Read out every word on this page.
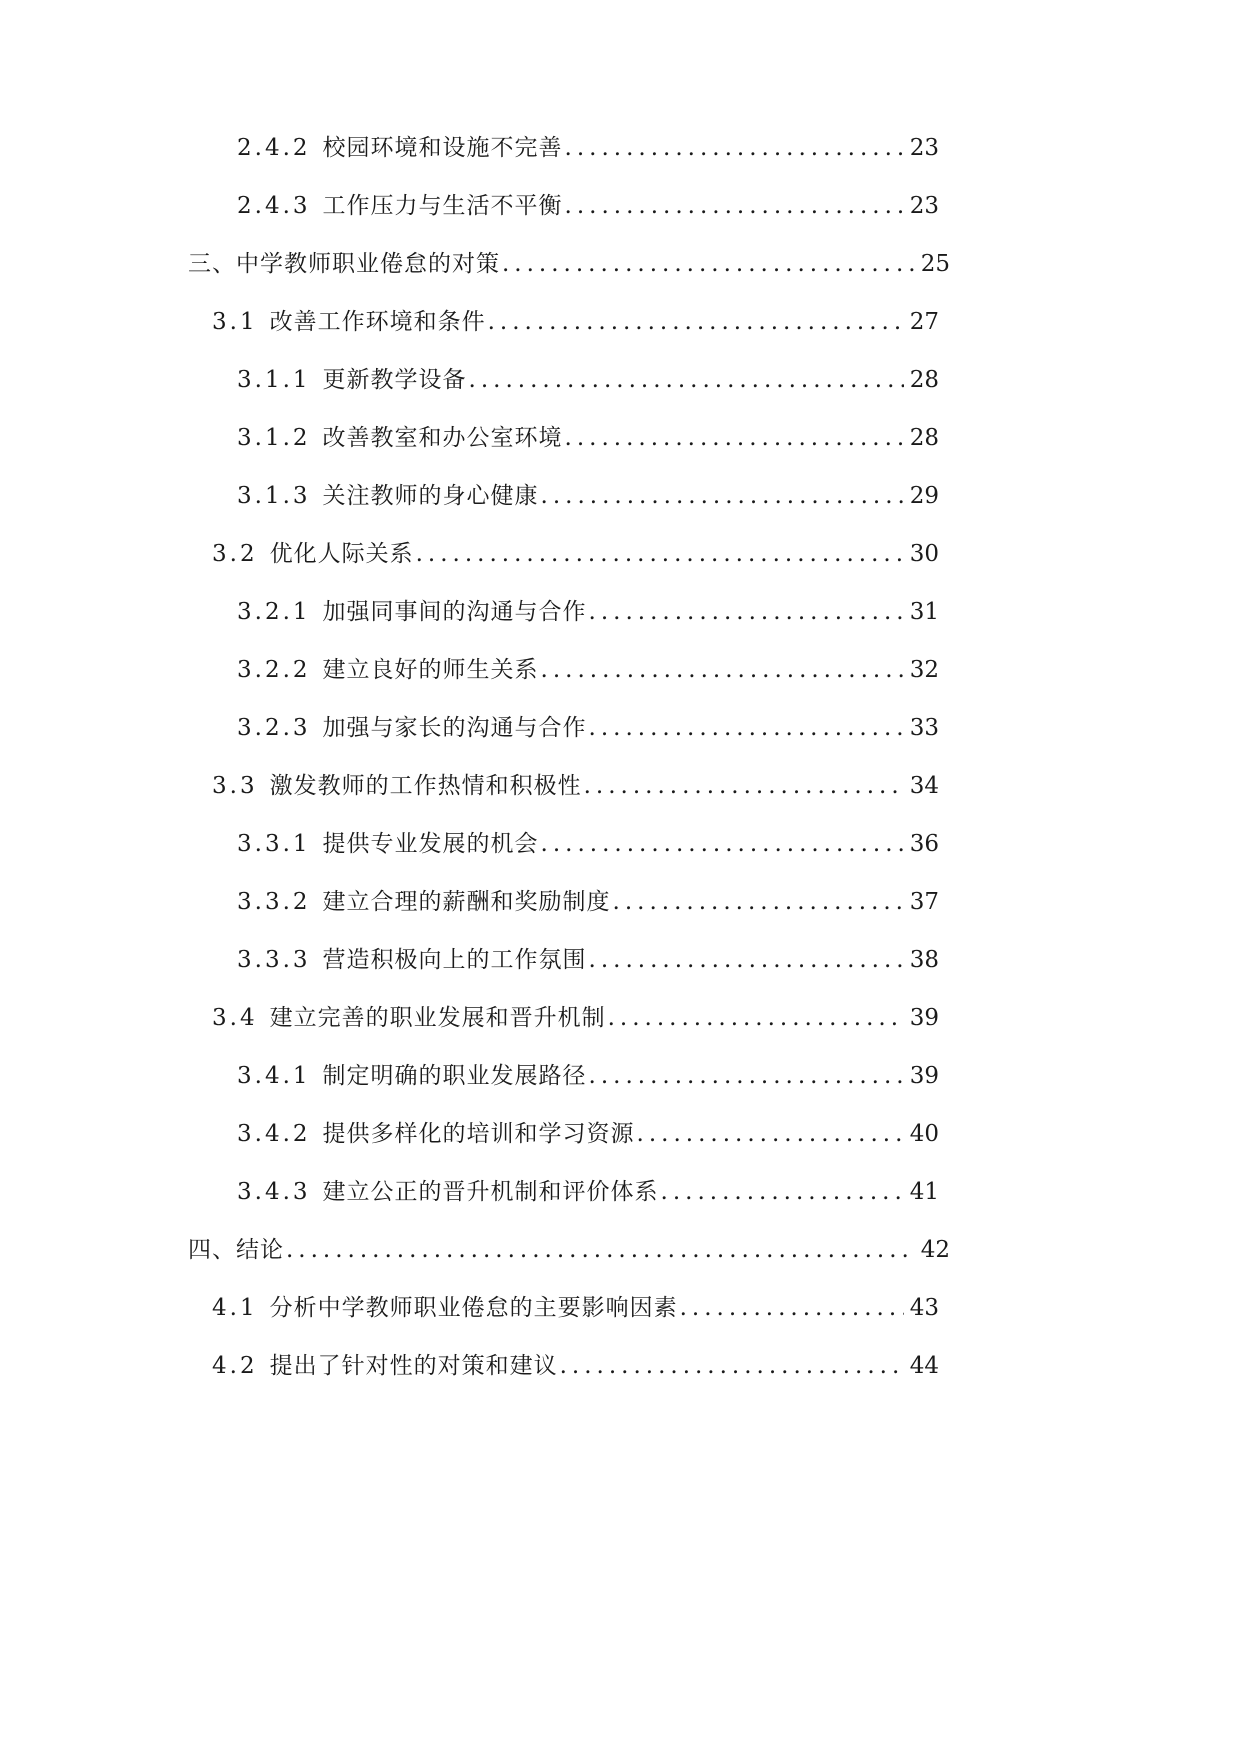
2.4.2 校园环境和设施不完善 .....	23
2.4.3 工作压力与生活不平衡 .....	23
三、中学教师职业倦怠的对策 .....	25
3.1 改善工作环境和条件 .....	27
3.1.1 更新教学设备 .....	28
3.1.2 改善教室和办公室环境 .....	28
3.1.3 关注教师的身心健康 .....	29
3.2 优化人际关系 .....	30
3.2.1 加强同事间的沟通与合作 .....	31
3.2.2 建立良好的师生关系 .....	32
3.2.3 加强与家长的沟通与合作 .....	33
3.3 激发教师的工作热情和积极性 .....	34
3.3.1 提供专业发展的机会 .....	36
3.3.2 建立合理的薪酬和奖励制度 .....	37
3.3.3 营造积极向上的工作氛围 .....	38
3.4 建立完善的职业发展和晋升机制 .....	39
3.4.1 制定明确的职业发展路径 .....	39
3.4.2 提供多样化的培训和学习资源 .....	40
3.4.3 建立公正的晋升机制和评价体系 .....	41
四、结论 .....	42
4.1 分析中学教师职业倦怠的主要影响因素 .....	43
4.2 提出了针对性的对策和建议 .....	44
